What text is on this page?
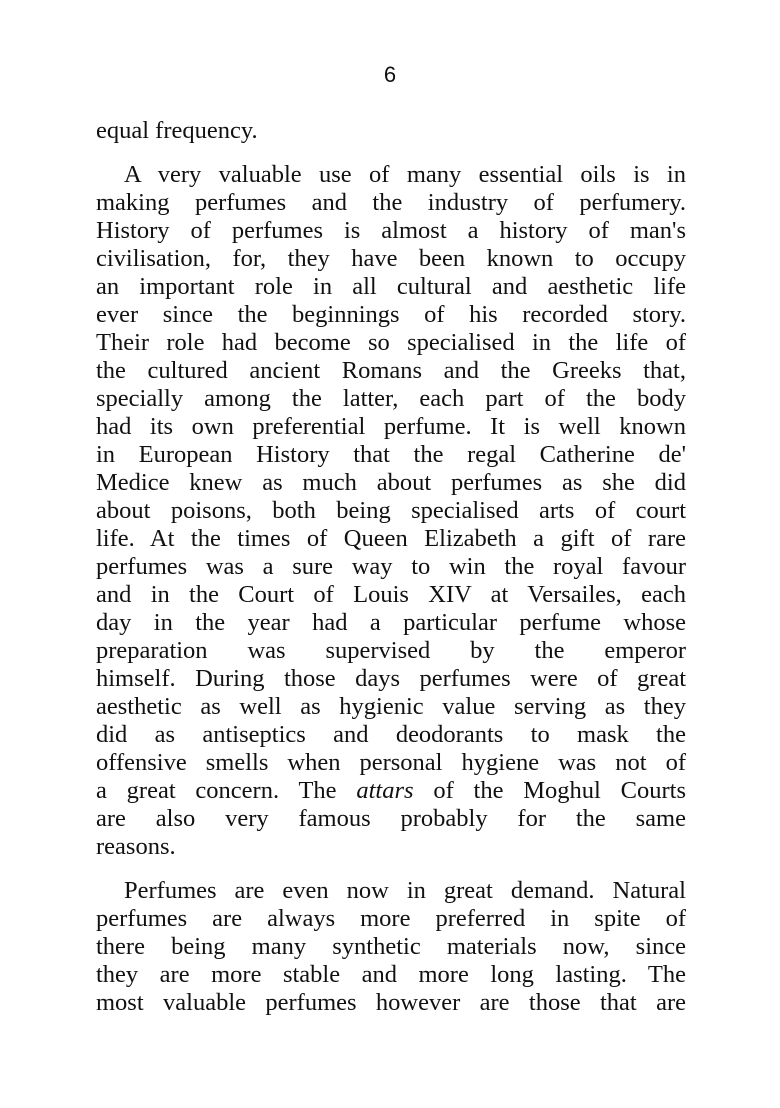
6

equal frequency.

A very valuable use of many essential oils is in
making perfumes and the industry of perfumery.
History of perfumes is almost a history of man's
civilisation, for, they have been known to occupy
an important role in all cultural and aesthetic life
ever since the beginnings of his recorded story.
Their role had become so specialised in the life of
the cultured ancient Romans and the Greeks that,
specially among the latter, each part of the body
had its own preferential perfume. It is well known
in European History that the regal Catherine de'
Medice knew as much about perfumes as she did
about poisons, both being specialised arts of court
life. At the times of Queen Elizabeth a gift of rare
perfumes was a sure way to win the royal favour
and in the Court of Louis XIV at Versailes, each
day in the year had a particular perfume whose
preparation was supervised by the emperor
himself. During those days perfumes were of great
aesthetic as well as hygienic value serving as they
did as antiseptics and deodorants to mask the
offensive smells when personal hygiene was not of
a great concern. The attars of the Moghul Courts
are also very famous probably for the same
reasons.

Perfumes are even now in great demand. Natural
perfumes are always more preferred in spite of
there being many synthetic materials now, since
they are more stable and more long lasting. The
most valuable perfumes however are those that are
